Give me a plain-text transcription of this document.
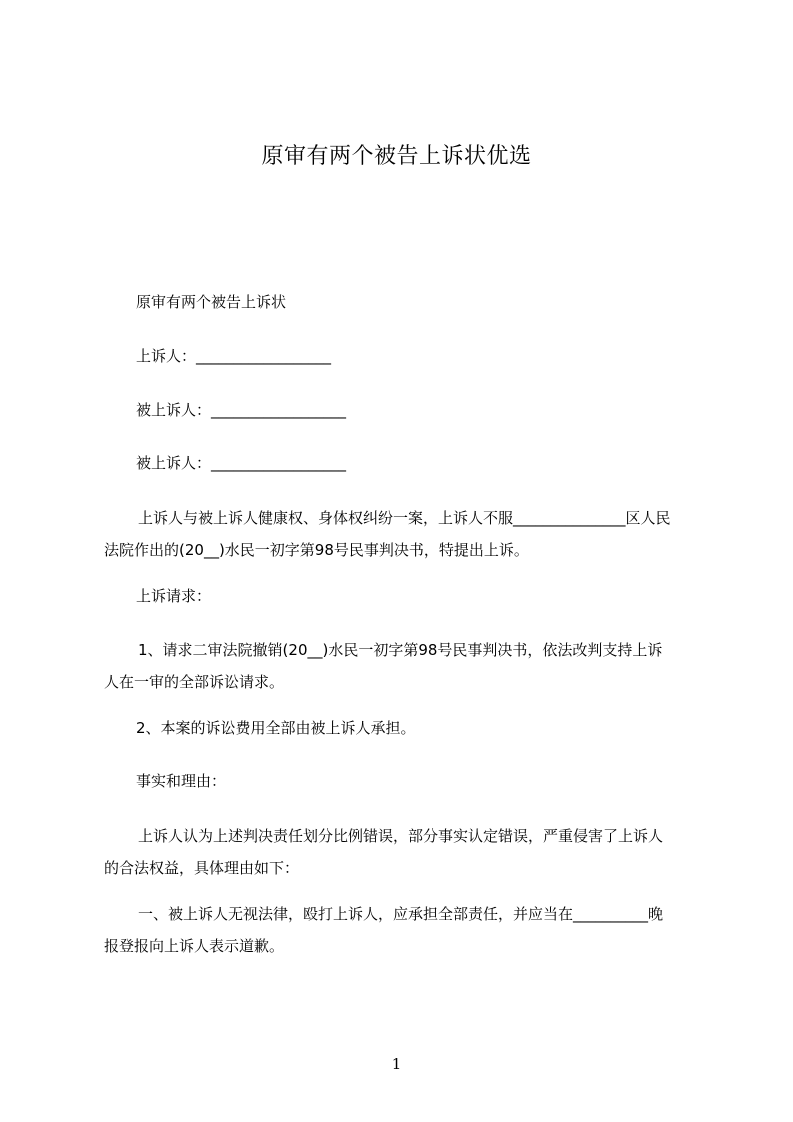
原审有两个被告上诉状优选
原审有两个被告上诉状
上诉人：__________________
被上诉人：__________________
被上诉人：__________________
上诉人与被上诉人健康权、身体权纠纷一案，上诉人不服_______________区人民
法院作出的(20__)水民一初字第98号民事判决书，特提出上诉。
上诉请求：
1、请求二审法院撤销(20__)水民一初字第98号民事判决书，依法改判支持上诉
人在一审的全部诉讼请求。
2、本案的诉讼费用全部由被上诉人承担。
事实和理由：
上诉人认为上述判决责任划分比例错误，部分事实认定错误，严重侵害了上诉人
的合法权益，具体理由如下：
一、被上诉人无视法律，殴打上诉人，应承担全部责任，并应当在__________晚
报登报向上诉人表示道歉。
1
